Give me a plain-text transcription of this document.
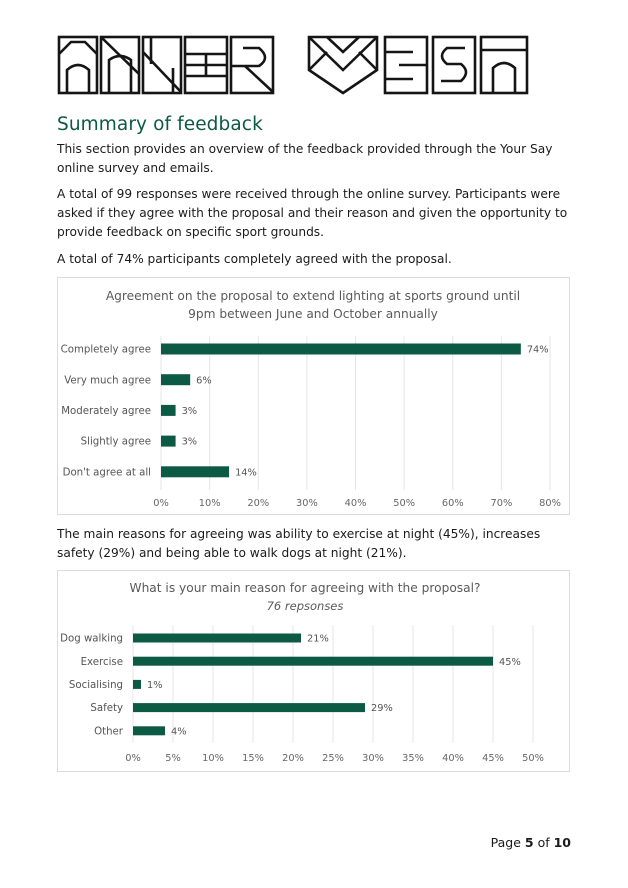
Summary of feedback

This section provides an overview of the feedback provided through the Your Say online survey and emails.

A total of 99 responses were received through the online survey. Participants were asked if they agree with the proposal and their reason and given the opportunity to provide feedback on specific sport grounds.

A total of 74% participants completely agreed with the proposal.

Agreement on the proposal to extend lighting at sports ground until
9pm between June and October annually
0%	10%	20%	30%	40%	50%	60%	70%	80%
Completely agree	74%
Very much agree	6%
Moderately agree	3%
Slightly agree	3%
Don't agree at all	14%

The main reasons for agreeing was ability to exercise at night (45%), increases safety (29%) and being able to walk dogs at night (21%).

What is your main reason for agreeing with the proposal?
76 repsonses
0% 5% 10% 15% 20% 25% 30% 35% 40% 45% 50%
Dog walking	21%
Exercise	45%
Socialising 1%
Safety	29%
Other	4%
Page 5 of 10
